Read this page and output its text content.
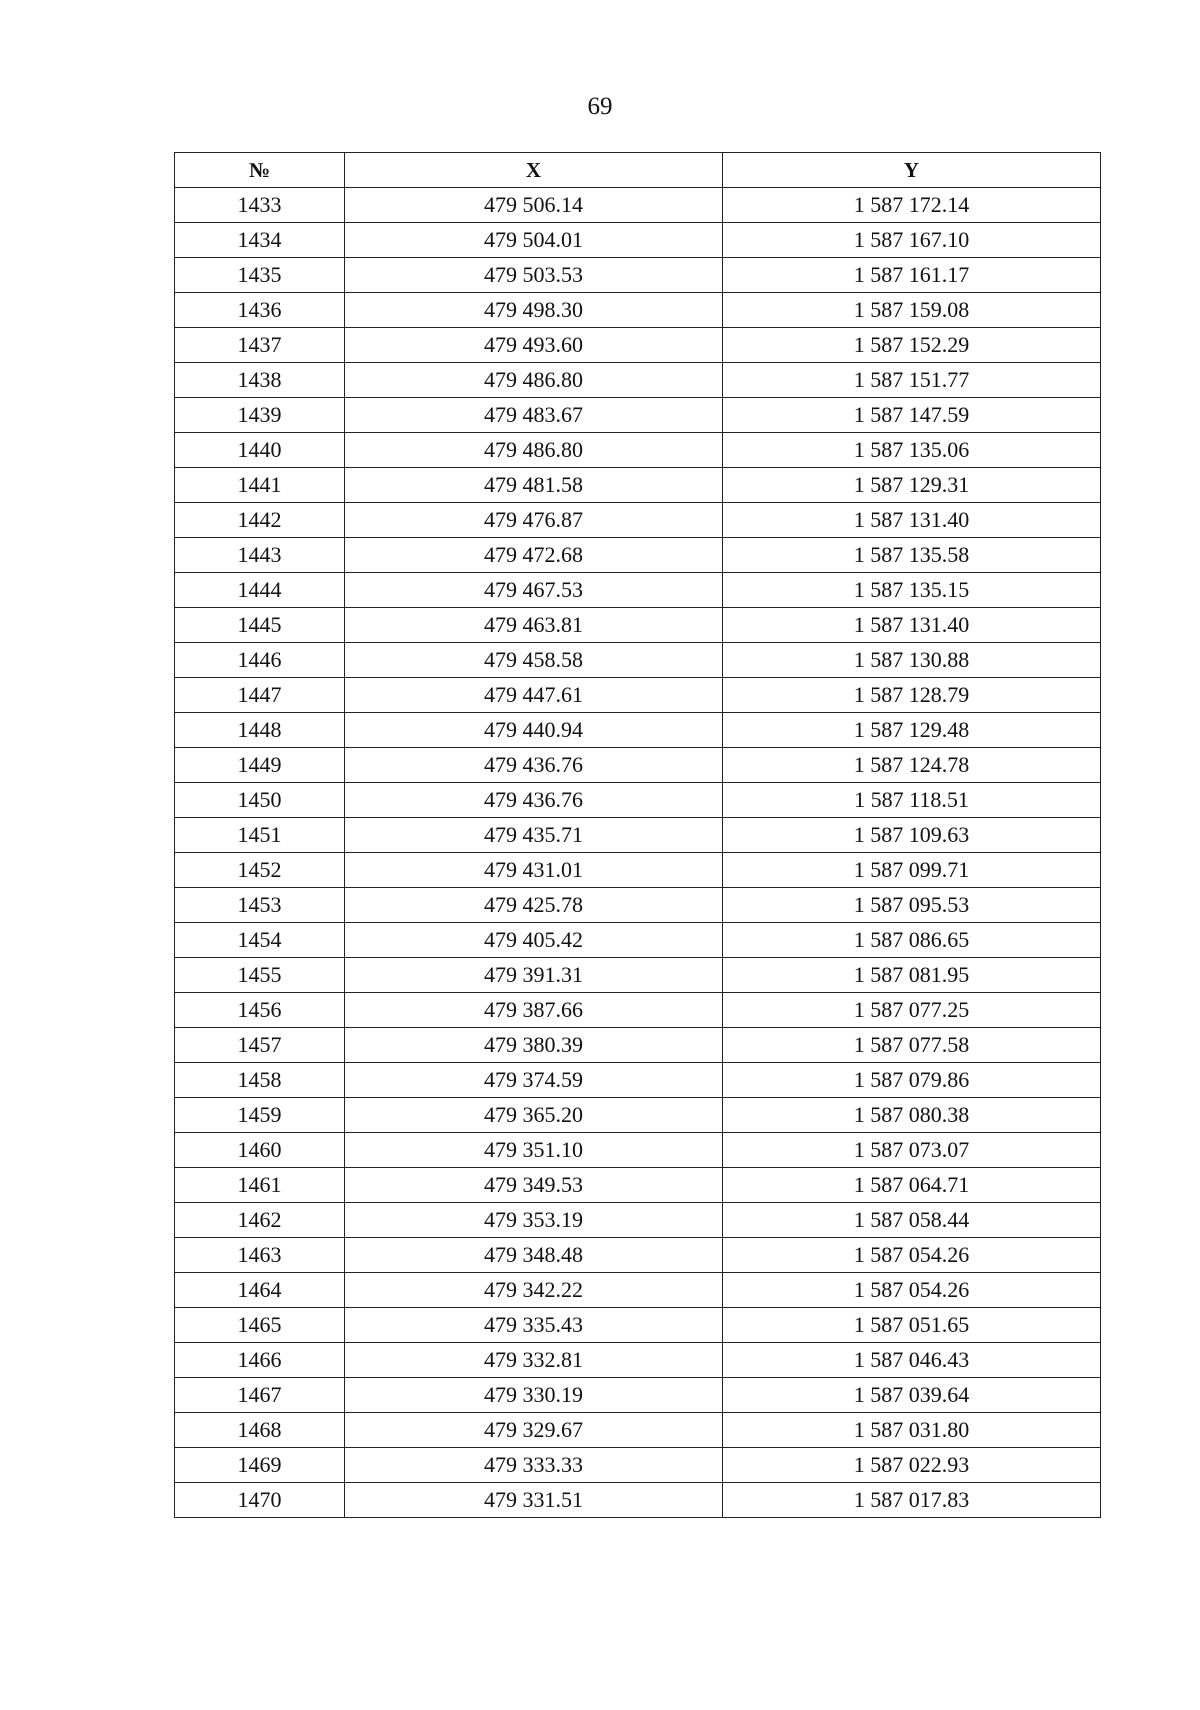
69
№	X	Y
1433	479 506.14	1 587 172.14
1434	479 504.01	1 587 167.10
1435	479 503.53	1 587 161.17
1436	479 498.30	1 587 159.08
1437	479 493.60	1 587 152.29
1438	479 486.80	1 587 151.77
1439	479 483.67	1 587 147.59
1440	479 486.80	1 587 135.06
1441	479 481.58	1 587 129.31
1442	479 476.87	1 587 131.40
1443	479 472.68	1 587 135.58
1444	479 467.53	1 587 135.15
1445	479 463.81	1 587 131.40
1446	479 458.58	1 587 130.88
1447	479 447.61	1 587 128.79
1448	479 440.94	1 587 129.48
1449	479 436.76	1 587 124.78
1450	479 436.76	1 587 118.51
1451	479 435.71	1 587 109.63
1452	479 431.01	1 587 099.71
1453	479 425.78	1 587 095.53
1454	479 405.42	1 587 086.65
1455	479 391.31	1 587 081.95
1456	479 387.66	1 587 077.25
1457	479 380.39	1 587 077.58
1458	479 374.59	1 587 079.86
1459	479 365.20	1 587 080.38
1460	479 351.10	1 587 073.07
1461	479 349.53	1 587 064.71
1462	479 353.19	1 587 058.44
1463	479 348.48	1 587 054.26
1464	479 342.22	1 587 054.26
1465	479 335.43	1 587 051.65
1466	479 332.81	1 587 046.43
1467	479 330.19	1 587 039.64
1468	479 329.67	1 587 031.80
1469	479 333.33	1 587 022.93
1470	479 331.51	1 587 017.83
